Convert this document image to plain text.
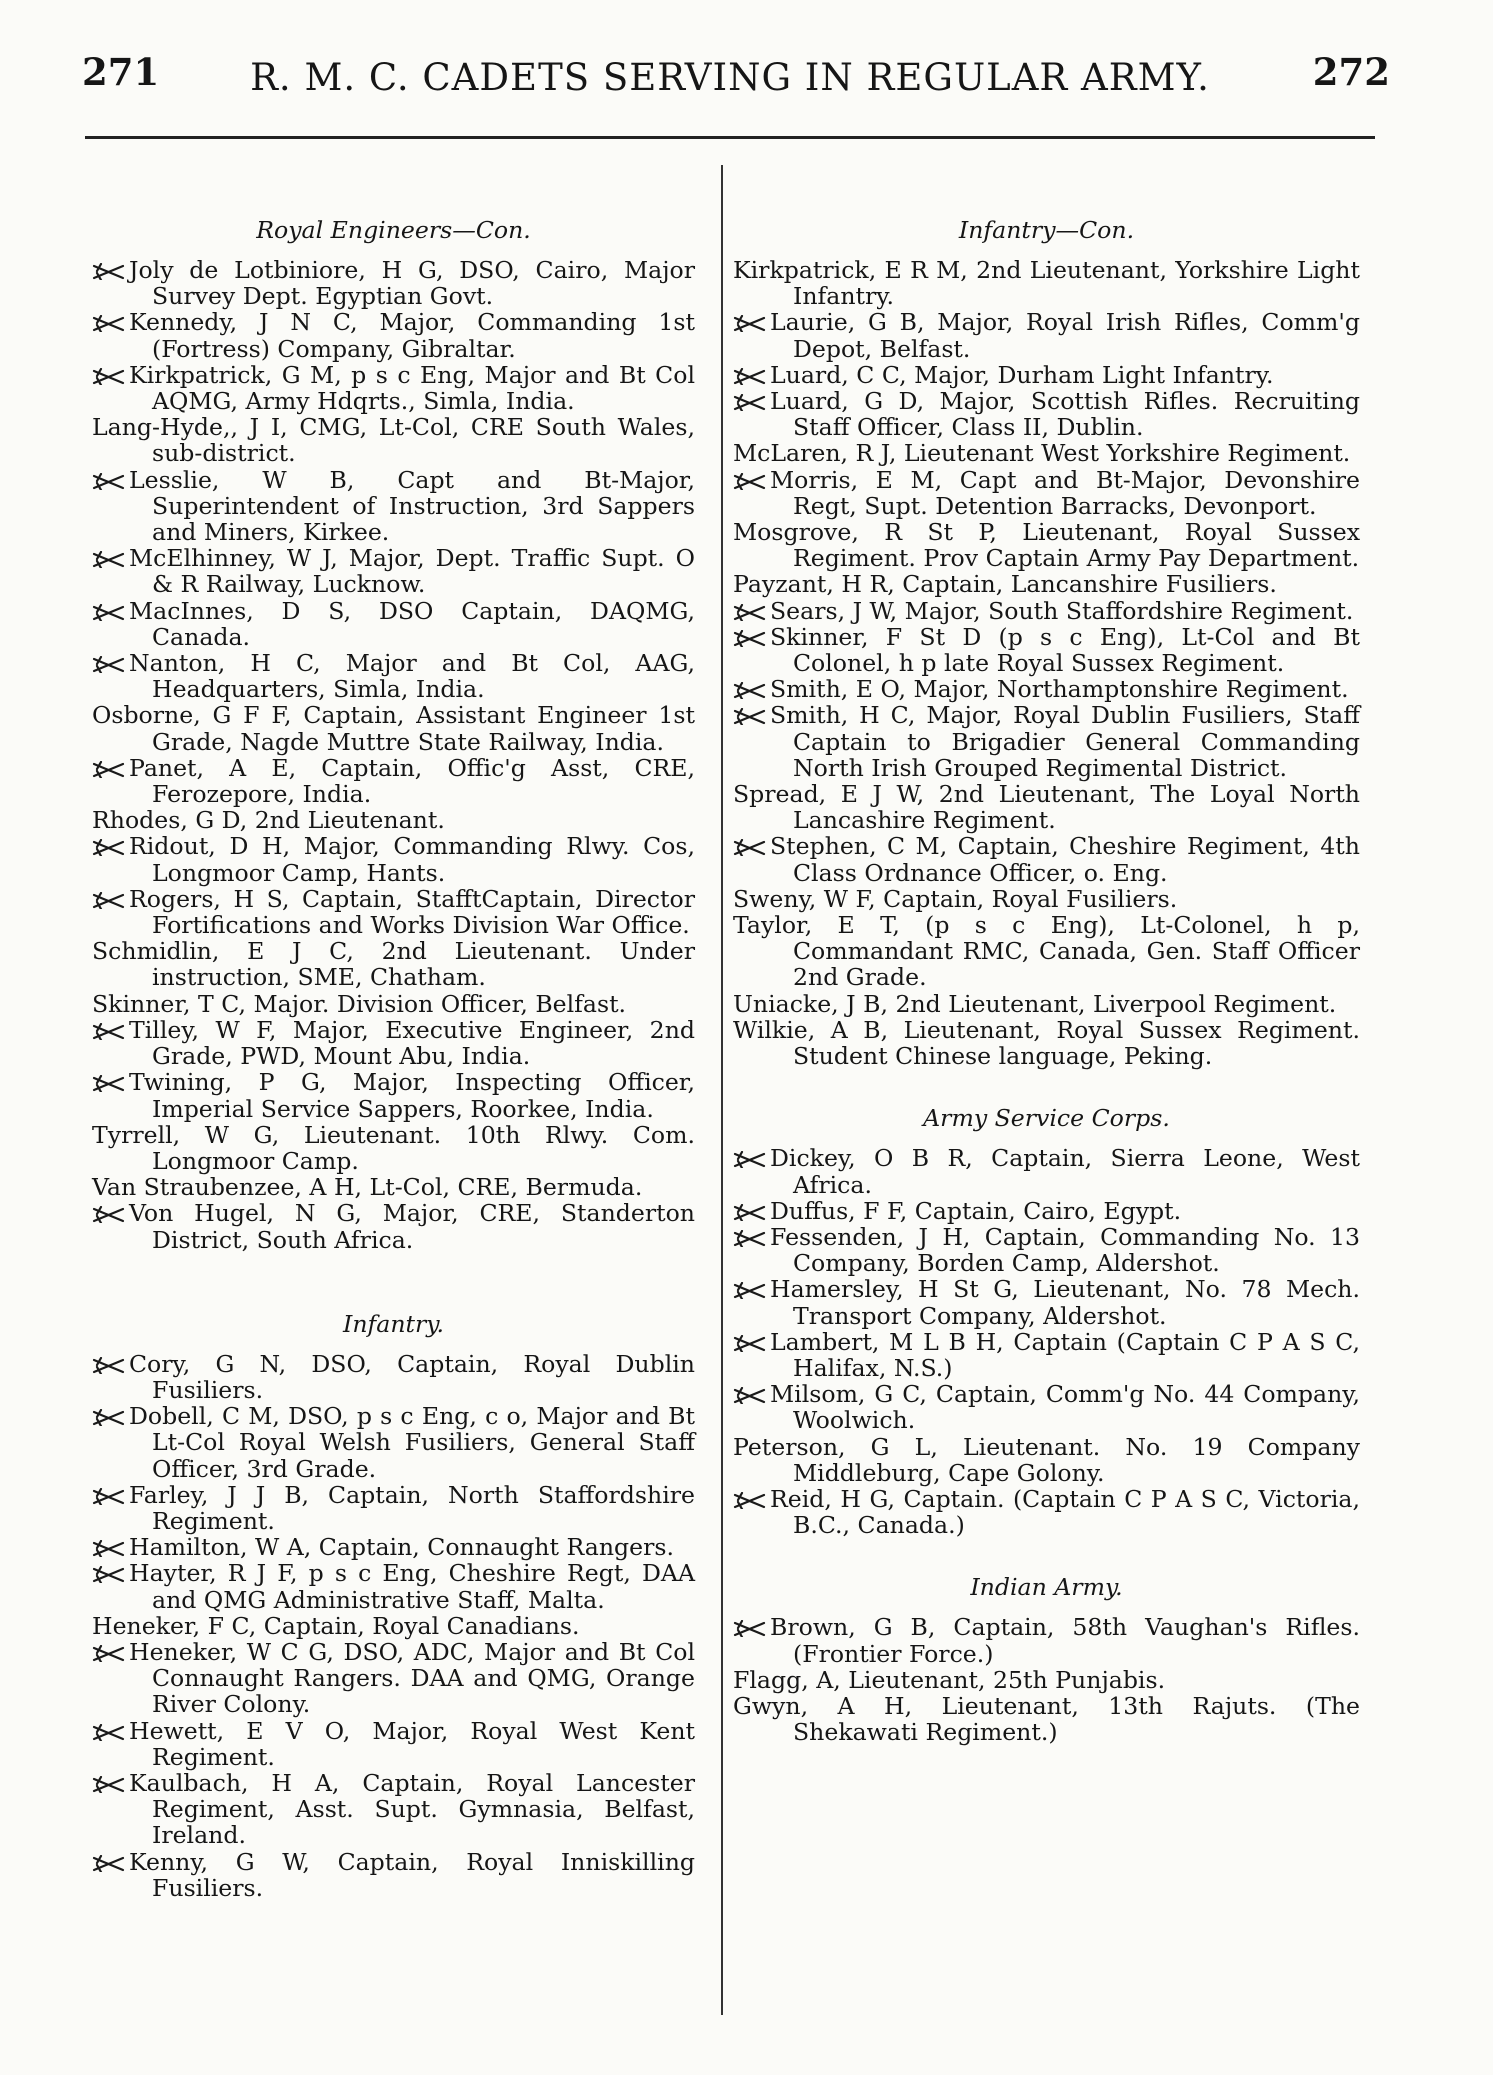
271	R. M. C. CADETS SERVING IN REGULAR ARMY.	272
Royal Engineers—Con.
Joly de Lotbiniore, H G, DSO, Cairo, Major Survey Dept. Egyptian Govt.
Kennedy, J N C, Major, Commanding 1st (Fortress) Company, Gibraltar.
Kirkpatrick, G M, p s c Eng, Major and Bt Col AQMG, Army Hdqrts., Simla, India.
Lang-Hyde,, J I, CMG, Lt-Col, CRE South Wales, sub-district.
Lesslie, W B, Capt and Bt-Major, Superintendent of Instruction, 3rd Sappers and Miners, Kirkee.
McElhinney, W J, Major, Dept. Traffic Supt. O & R Railway, Lucknow.
MacInnes, D S, DSO Captain, DAQMG, Canada.
Nanton, H C, Major and Bt Col, AAG, Headquarters, Simla, India.
Osborne, G F F, Captain, Assistant Engineer 1st Grade, Nagde Muttre State Railway, India.
Panet, A E, Captain, Offic'g Asst, CRE, Ferozepore, India.
Rhodes, G D, 2nd Lieutenant.
Ridout, D H, Major, Commanding Rlwy. Cos, Longmoor Camp, Hants.
Rogers, H S, Captain, StafftCaptain, Director Fortifications and Works Division War Office.
Schmidlin, E J C, 2nd Lieutenant. Under instruction, SME, Chatham.
Skinner, T C, Major. Division Officer, Belfast.
Tilley, W F, Major, Executive Engineer, 2nd Grade, PWD, Mount Abu, India.
Twining, P G, Major, Inspecting Officer, Imperial Service Sappers, Roorkee, India.
Tyrrell, W G, Lieutenant. 10th Rlwy. Com. Longmoor Camp.
Van Straubenzee, A H, Lt-Col, CRE, Bermuda.
Von Hugel, N G, Major, CRE, Standerton District, South Africa.
Infantry.
Cory, G N, DSO, Captain, Royal Dublin Fusiliers.
Dobell, C M, DSO, p s c Eng, c o, Major and Bt Lt-Col Royal Welsh Fusiliers, General Staff Officer, 3rd Grade.
Farley, J J B, Captain, North Staffordshire Regiment.
Hamilton, W A, Captain, Connaught Rangers.
Hayter, R J F, p s c Eng, Cheshire Regt, DAA and QMG Administrative Staff, Malta.
Heneker, F C, Captain, Royal Canadians.
Heneker, W C G, DSO, ADC, Major and Bt Col Connaught Rangers. DAA and QMG, Orange River Colony.
Hewett, E V O, Major, Royal West Kent Regiment.
Kaulbach, H A, Captain, Royal Lancester Regiment, Asst. Supt. Gymnasia, Belfast, Ireland.
Kenny, G W, Captain, Royal Inniskilling Fusiliers.
Infantry—Con.
Kirkpatrick, E R M, 2nd Lieutenant, Yorkshire Light Infantry.
Laurie, G B, Major, Royal Irish Rifles, Comm'g Depot, Belfast.
Luard, C C, Major, Durham Light Infantry.
Luard, G D, Major, Scottish Rifles. Recruiting Staff Officer, Class II, Dublin.
McLaren, R J, Lieutenant West Yorkshire Regiment.
Morris, E M, Capt and Bt-Major, Devonshire Regt, Supt. Detention Barracks, Devonport.
Mosgrove, R St P, Lieutenant, Royal Sussex Regiment. Prov Captain Army Pay Department.
Payzant, H R, Captain, Lancanshire Fusiliers.
Sears, J W, Major, South Staffordshire Regiment.
Skinner, F St D (p s c Eng), Lt-Col and Bt Colonel, h p late Royal Sussex Regiment.
Smith, E O, Major, Northamptonshire Regiment.
Smith, H C, Major, Royal Dublin Fusiliers, Staff Captain to Brigadier General Commanding North Irish Grouped Regimental District.
Spread, E J W, 2nd Lieutenant, The Loyal North Lancashire Regiment.
Stephen, C M, Captain, Cheshire Regiment, 4th Class Ordnance Officer, o. Eng.
Sweny, W F, Captain, Royal Fusiliers.
Taylor, E T, (p s c Eng), Lt-Colonel, h p, Commandant RMC, Canada, Gen. Staff Officer 2nd Grade.
Uniacke, J B, 2nd Lieutenant, Liverpool Regiment.
Wilkie, A B, Lieutenant, Royal Sussex Regiment. Student Chinese language, Peking.
Army Service Corps.
Dickey, O B R, Captain, Sierra Leone, West Africa.
Duffus, F F, Captain, Cairo, Egypt.
Fessenden, J H, Captain, Commanding No. 13 Company, Borden Camp, Aldershot.
Hamersley, H St G, Lieutenant, No. 78 Mech. Transport Company, Aldershot.
Lambert, M L B H, Captain (Captain C P A S C, Halifax, N.S.)
Milsom, G C, Captain, Comm'g No. 44 Company, Woolwich.
Peterson, G L, Lieutenant. No. 19 Company Middleburg, Cape Golony.
Reid, H G, Captain. (Captain C P A S C, Victoria, B.C., Canada.)
Indian Army.
Brown, G B, Captain, 58th Vaughan's Rifles. (Frontier Force.)
Flagg, A, Lieutenant, 25th Punjabis.
Gwyn, A H, Lieutenant, 13th Rajuts. (The Shekawati Regiment.)
